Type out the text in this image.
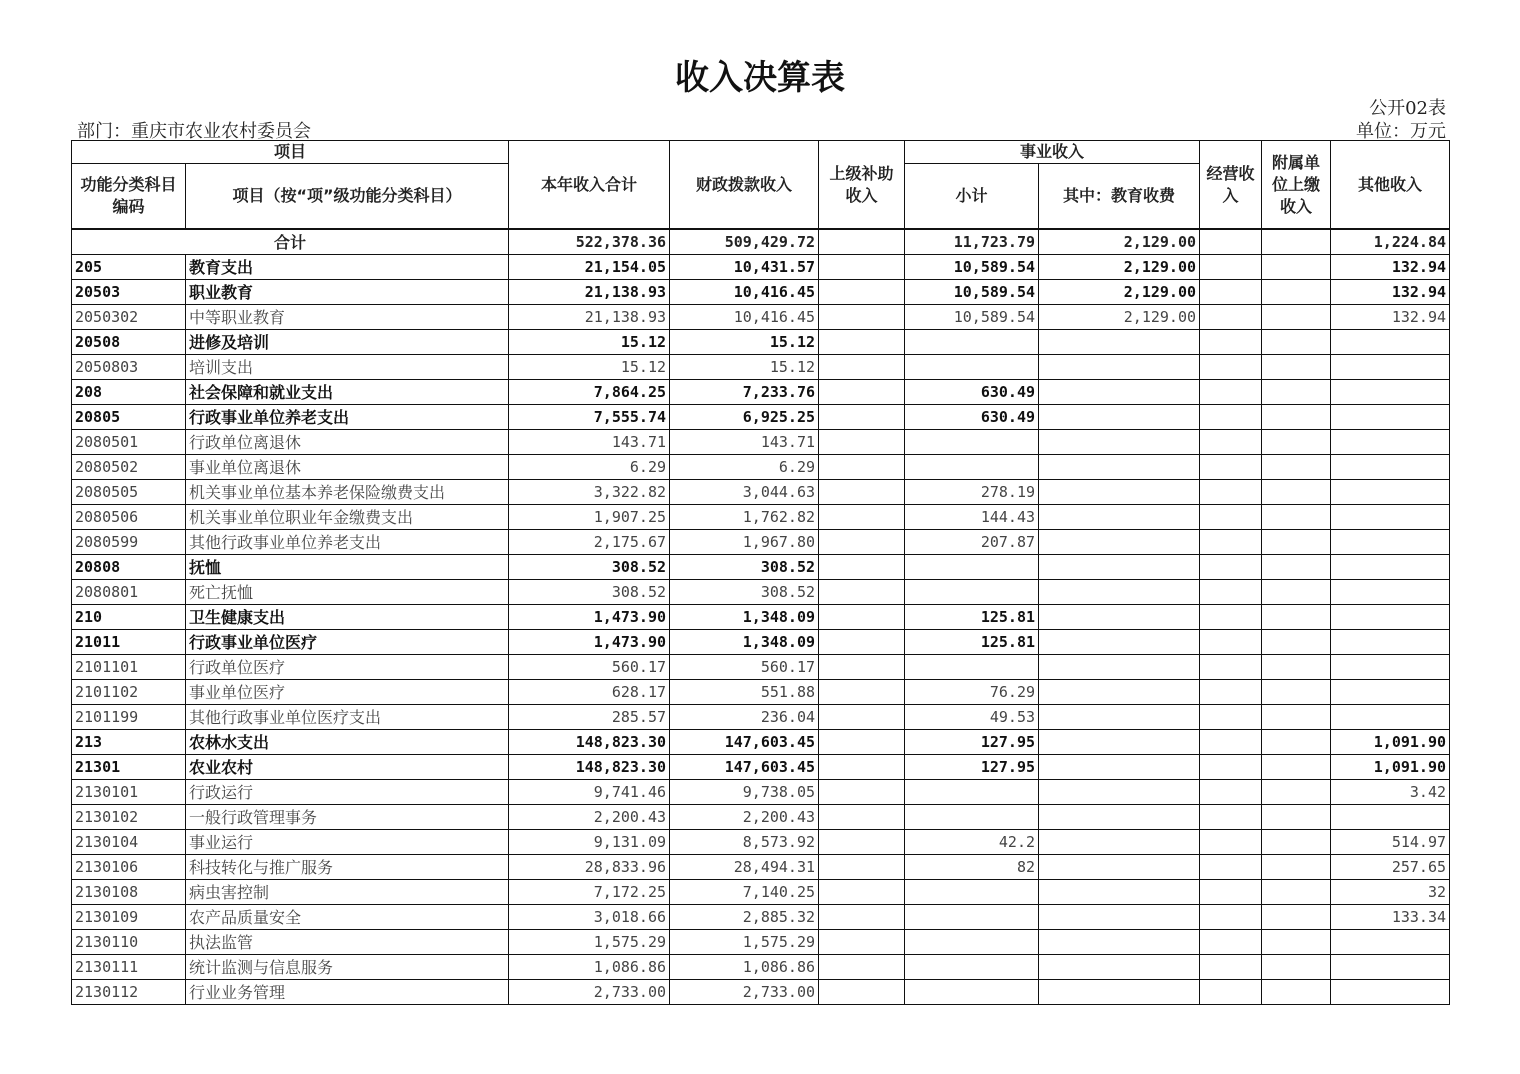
收入决算表
公开02表
部门：重庆市农业农村委员会	单位：万元
项目		本年收入合计	财政拨款收入	上级补助收入	事业收入		经营收入	附属单位上缴收入	其他收入
功能分类科目编码	项目（按“项”级功能分类科目）				小计	其中：教育收费			
合计		522,378.36	509,429.72		11,723.79	2,129.00			1,224.84
205	教育支出	21,154.05	10,431.57		10,589.54	2,129.00			132.94
20503	职业教育	21,138.93	10,416.45		10,589.54	2,129.00			132.94
2050302	中等职业教育	21,138.93	10,416.45		10,589.54	2,129.00			132.94
20508	进修及培训	15.12	15.12						
2050803	培训支出	15.12	15.12						
208	社会保障和就业支出	7,864.25	7,233.76		630.49				
20805	行政事业单位养老支出	7,555.74	6,925.25		630.49				
2080501	行政单位离退休	143.71	143.71						
2080502	事业单位离退休	6.29	6.29						
2080505	机关事业单位基本养老保险缴费支出	3,322.82	3,044.63		278.19				
2080506	机关事业单位职业年金缴费支出	1,907.25	1,762.82		144.43				
2080599	其他行政事业单位养老支出	2,175.67	1,967.80		207.87				
20808	抚恤	308.52	308.52						
2080801	死亡抚恤	308.52	308.52						
210	卫生健康支出	1,473.90	1,348.09		125.81				
21011	行政事业单位医疗	1,473.90	1,348.09		125.81				
2101101	行政单位医疗	560.17	560.17						
2101102	事业单位医疗	628.17	551.88		76.29				
2101199	其他行政事业单位医疗支出	285.57	236.04		49.53				
213	农林水支出	148,823.30	147,603.45		127.95				1,091.90
21301	农业农村	148,823.30	147,603.45		127.95				1,091.90
2130101	行政运行	9,741.46	9,738.05						3.42
2130102	一般行政管理事务	2,200.43	2,200.43						
2130104	事业运行	9,131.09	8,573.92		42.2				514.97
2130106	科技转化与推广服务	28,833.96	28,494.31		82				257.65
2130108	病虫害控制	7,172.25	7,140.25						32
2130109	农产品质量安全	3,018.66	2,885.32						133.34
2130110	执法监管	1,575.29	1,575.29						
2130111	统计监测与信息服务	1,086.86	1,086.86						
2130112	行业业务管理	2,733.00	2,733.00						
